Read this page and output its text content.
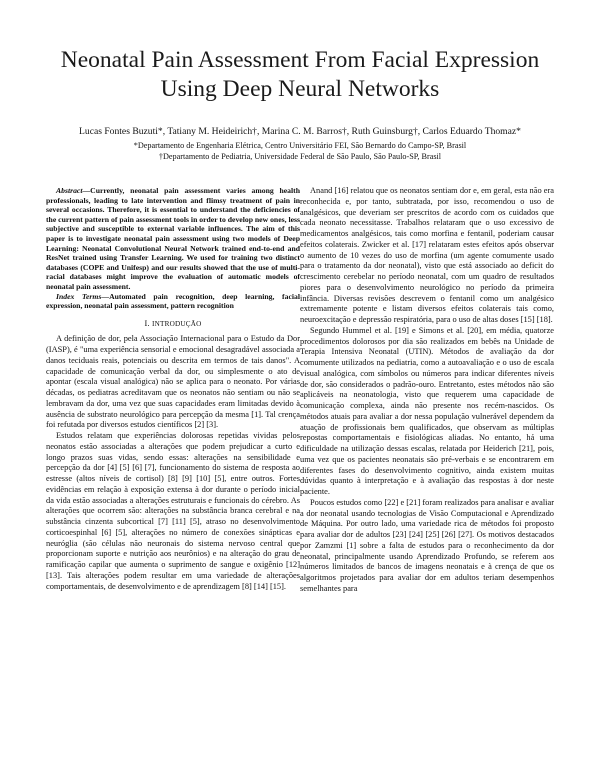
Neonatal Pain Assessment From Facial Expression
Using Deep Neural Networks
Lucas Fontes Buzuti*, Tatiany M. Heideirich†, Marina C. M. Barros†, Ruth Guinsburg†, Carlos Eduardo Thomaz*
*Departamento de Engenharia Elétrica, Centro Universitário FEI, São Bernardo do Campo-SP, Brasil
†Departamento de Pediatria, Universidade Federal de São Paulo, São Paulo-SP, Brasil

Abstract—Currently, neonatal pain assessment varies among health professionals, leading to late intervention and flimsy treatment of pain in several occasions. Therefore, it is essential to understand the deficiencies of the current pattern of pain assessment tools in order to develop new ones, less subjective and susceptible to external variable influences. The aim of this paper is to investigate neonatal pain assessment using two models of Deep Learning: Neonatal Convolutional Neural Network trained end-to-end and ResNet trained using Transfer Learning. We used for training two distinct databases (COPE and Unifesp) and our results showed that the use of multi-racial databases might improve the evaluation of automatic models of neonatal pain assessment.

Index Terms—Automated pain recognition, deep learning, facial expression, neonatal pain assessment, pattern recognition

I. INTRODUÇÃO

A definição de dor, pela Associação Internacional para o Estudo da Dor (IASP), é "uma experiência sensorial e emocional desagradável associada a danos teciduais reais, potenciais ou descrita em termos de tais danos". A capacidade de comunicação verbal da dor, ou simplesmente o ato de apontar (escala visual analógica) não se aplica para o neonato. Por várias décadas, os pediatras acreditavam que os neonatos não sentiam ou não se lembravam da dor, uma vez que suas capacidades eram limitadas devido à ausência de substrato neurológico para percepção da mesma [1]. Tal crença foi refutada por diversos estudos científicos [2] [3].

Estudos relatam que experiências dolorosas repetidas vividas pelos neonatos estão associadas a alterações que podem prejudicar a curto e longo prazos suas vidas, sendo essas: alterações na sensibilidade e percepção da dor [4] [5] [6] [7], funcionamento do sistema de resposta ao estresse (altos níveis de cortisol) [8] [9] [10] [5], entre outros. Fortes evidências em relação à exposição extensa à dor durante o período inicial da vida estão associadas a alterações estruturais e funcionais do cérebro. As alterações que ocorrem são: alterações na substância branca cerebral e na substância cinzenta subcortical [7] [11] [5], atraso no desenvolvimento corticoespinhal [6] [5], alterações no número de conexões sinápticas e neuróglia (são células não neuronais do sistema nervoso central que proporcionam suporte e nutrição aos neurônios) e na alteração do grau de ramificação capilar que aumenta o suprimento de sangue e oxigênio [12] [13]. Tais alterações podem resultar em uma variedade de alterações comportamentais, de desenvolvimento e de aprendizagem [8] [14] [15].

Anand [16] relatou que os neonatos sentiam dor e, em geral, esta não era reconhecida e, por tanto, subtratada, por isso, recomendou o uso de analgésicos, que deveriam ser prescritos de acordo com os cuidados que cada neonato necessitasse. Trabalhos relataram que o uso excessivo de medicamentos analgésicos, tais como morfina e fentanil, poderiam causar efeitos colaterais. Zwicker et al. [17] relataram estes efeitos após observar o aumento de 10 vezes do uso de morfina (um agente comumente usado para o tratamento da dor neonatal), visto que está associado ao deficit do crescimento cerebelar no período neonatal, com um quadro de resultados piores para o desenvolvimento neurológico no período da primeira infância. Diversas revisões descrevem o fentanil como um analgésico extremamente potente e listam diversos efeitos colaterais tais como, neuroexcitação e depressão respiratória, para o uso de altas doses [15] [18].

Segundo Hummel et al. [19] e Simons et al. [20], em média, quatorze procedimentos dolorosos por dia são realizados em bebês na Unidade de Terapia Intensiva Neonatal (UTIN). Métodos de avaliação da dor comumente utilizados na pediatria, como a autoavaliação e o uso de escala visual analógica, com símbolos ou números para indicar diferentes níveis de dor, são considerados o padrão-ouro. Entretanto, estes métodos não são aplicáveis na neonatologia, visto que requerem uma capacidade de comunicação complexa, ainda não presente nos recém-nascidos. Os métodos atuais para avaliar a dor nessa população vulnerável dependem da atuação de profissionais bem qualificados, que observam as múltiplas repostas comportamentais e fisiológicas aliadas. No entanto, há uma dificuldade na utilização dessas escalas, relatada por Heiderich [21], pois, uma vez que os pacientes neonatais são pré-verbais e se encontrarem em diferentes fases do desenvolvimento cognitivo, ainda existem muitas dúvidas quanto à interpretação e à avaliação das respostas à dor neste paciente.

Poucos estudos como [22] e [21] foram realizados para analisar e avaliar a dor neonatal usando tecnologias de Visão Computacional e Aprendizado de Máquina. Por outro lado, uma variedade rica de métodos foi proposto para avaliar dor de adultos [23] [24] [25] [26] [27]. Os motivos destacados por Zamzmi [1] sobre a falta de estudos para o reconhecimento da dor neonatal, principalmente usando Aprendizado Profundo, se referem aos números limitados de bancos de imagens neonatais e à crença de que os algoritmos projetados para avaliar dor em adultos teriam desempenhos semelhantes para
